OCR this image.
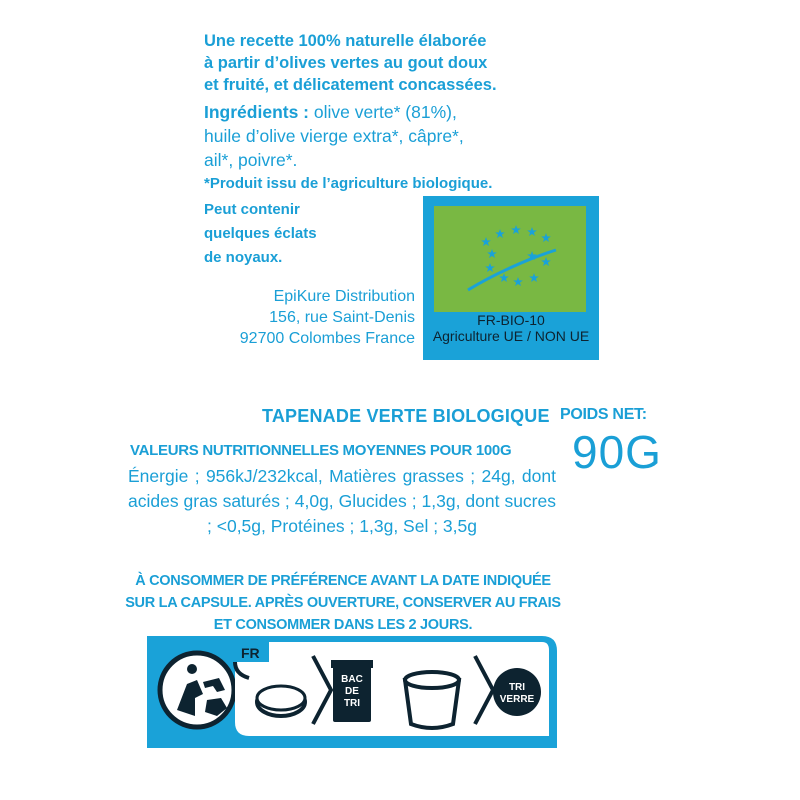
Une recette 100% naturelle élaborée
à partir d’olives vertes au gout doux
et fruité, et délicatement concassées.
Ingrédients : olive verte* (81%),
huile d’olive vierge extra*, câpre*,
ail*, poivre*.
*Produit issu de l’agriculture biologique.
Peut contenir
quelques éclats
de noyaux.
EpiKure Distribution
156, rue Saint-Denis
92700 Colombes France
FR-BIO-10
Agriculture UE / NON UE
TAPENADE VERTE BIOLOGIQUE POIDS NET:
90G
VALEURS NUTRITIONNELLES MOYENNES POUR 100G
Énergie ; 956kJ/232kcal, Matières grasses ; 24g, dont acides gras saturés ; 4,0g, Glucides ; 1,3g, dont sucres ; <0,5g, Protéines ; 1,3g, Sel ; 3,5g
À CONSOMMER DE PRÉFÉRENCE AVANT LA DATE INDIQUÉE
SUR LA CAPSULE. APRÈS OUVERTURE, CONSERVER AU FRAIS
ET CONSOMMER DANS LES 2 JOURS.
FR
BAC
DE
TRI
TRI
VERRE
